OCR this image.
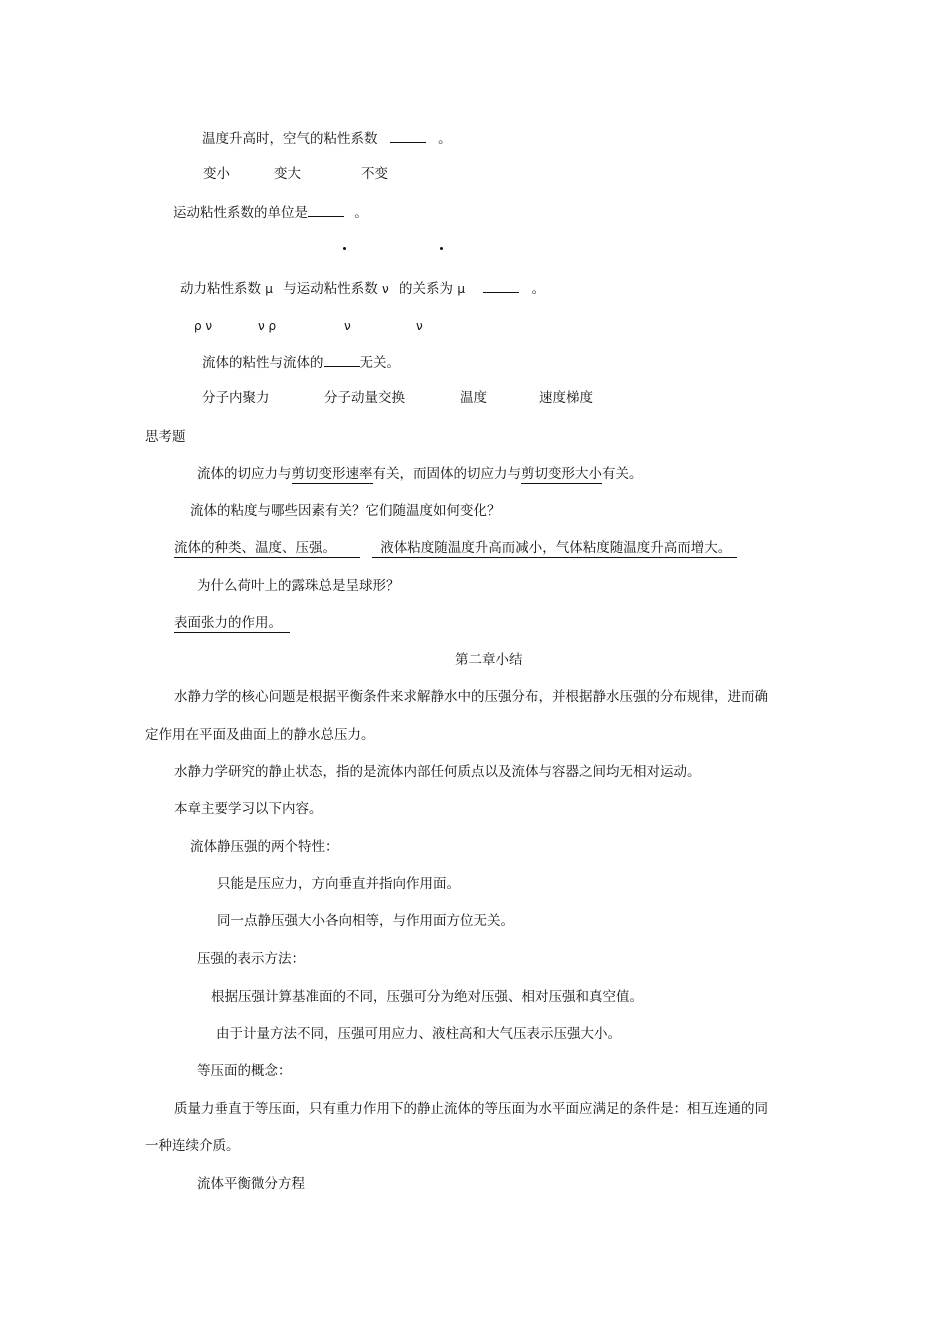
温度升高时，空气的粘性系数	。
变小	变大	不变
运动粘性系数的单位是	。
动力粘性系数 μ 与运动粘性系数 ν 的关系为 μ	。
ρ ν	ν ρ	ν	ν
流体的粘性与流体的	无关。
分子内聚力	分子动量交换	温度	速度梯度
思考题
流体的切应力与剪切变形速率有关，而固体的切应力与剪切变形大小有关。
流体的粘度与哪些因素有关？它们随温度如何变化？
流体的种类、温度、压强。	液体粘度随温度升高而减小，气体粘度随温度升高而增大。
为什么荷叶上的露珠总是呈球形？
表面张力的作用。
第二章小结
水静力学的核心问题是根据平衡条件来求解静水中的压强分布，并根据静水压强的分布规律，进而确
定作用在平面及曲面上的静水总压力。
水静力学研究的静止状态，指的是流体内部任何质点以及流体与容器之间均无相对运动。
本章主要学习以下内容。
流体静压强的两个特性：
只能是压应力，方向垂直并指向作用面。
同一点静压强大小各向相等，与作用面方位无关。
压强的表示方法：
根据压强计算基准面的不同，压强可分为绝对压强、相对压强和真空值。
由于计量方法不同，压强可用应力、液柱高和大气压表示压强大小。
等压面的概念：
质量力垂直于等压面，只有重力作用下的静止流体的等压面为水平面应满足的条件是：相互连通的同
一种连续介质。
流体平衡微分方程
